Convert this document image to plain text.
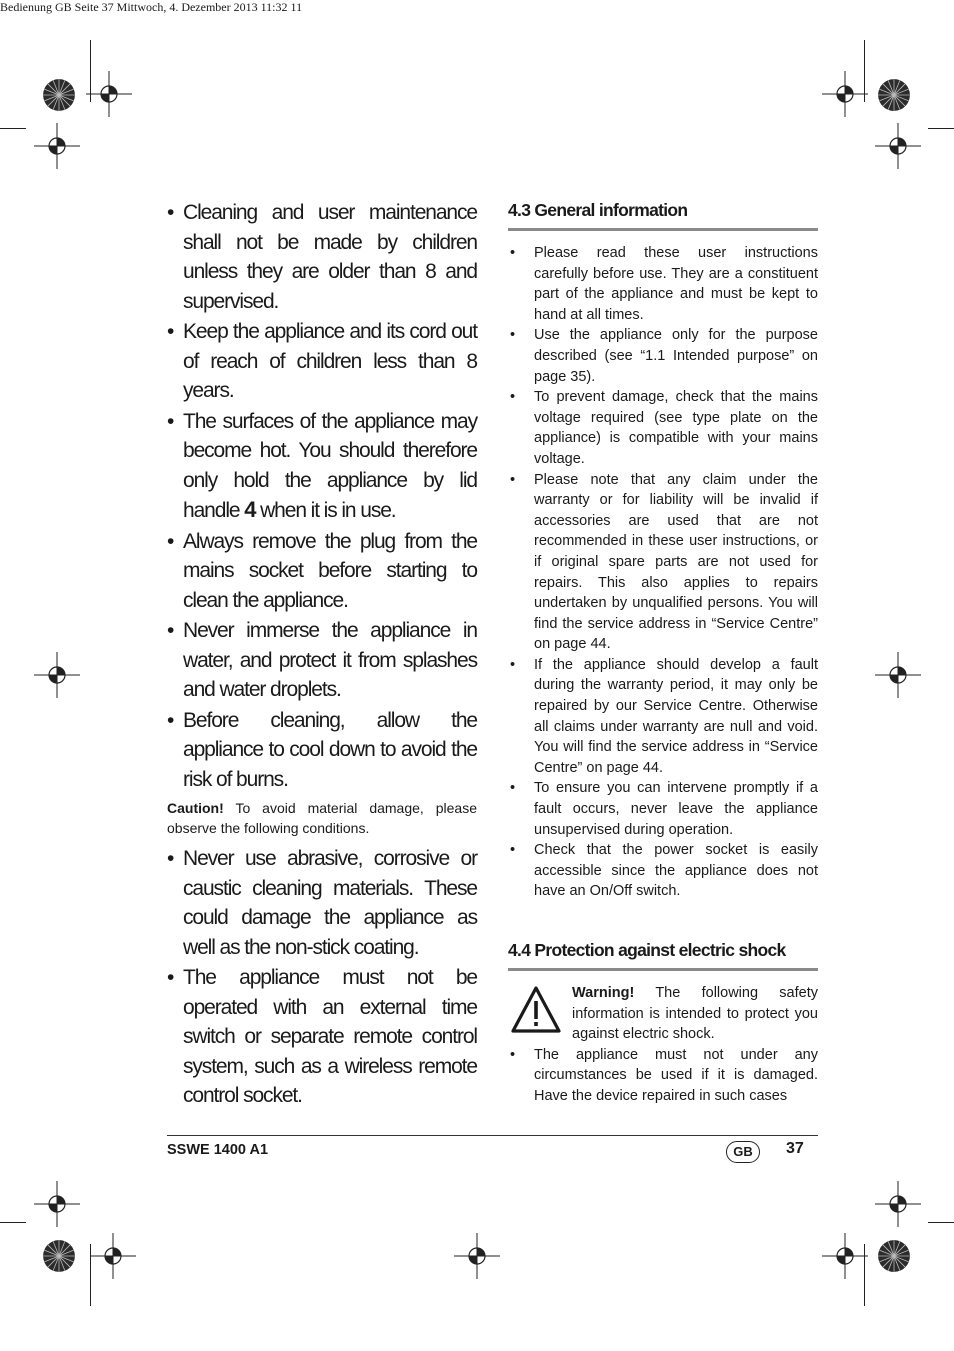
Bedienung GB Seite 37 Mittwoch, 4. Dezember 2013 11:32 11
• Cleaning and user maintenance shall not be made by children unless they are older than 8 and supervised.
• Keep the appliance and its cord out of reach of children less than 8 years.
• The surfaces of the appliance may become hot. You should therefore only hold the appliance by lid handle 4 when it is in use.
• Always remove the plug from the mains socket before starting to clean the appliance.
• Never immerse the appliance in water, and protect it from splashes and water droplets.
• Before cleaning, allow the appliance to cool down to avoid the risk of burns.
Caution! To avoid material damage, please observe the following conditions.
• Never use abrasive, corrosive or caustic cleaning materials. These could damage the appliance as well as the non-stick coating.
• The appliance must not be operated with an external time switch or separate remote control system, such as a wireless remote control socket.
4.3 General information
• Please read these user instructions carefully before use. They are a constituent part of the appliance and must be kept to hand at all times.
• Use the appliance only for the purpose described (see “1.1 Intended purpose” on page 35).
• To prevent damage, check that the mains voltage required (see type plate on the appliance) is compatible with your mains voltage.
• Please note that any claim under the warranty or for liability will be invalid if accessories are used that are not recommended in these user instructions, or if original spare parts are not used for repairs. This also applies to repairs undertaken by unqualified persons. You will find the service address in “Service Centre” on page 44.
• If the appliance should develop a fault during the warranty period, it may only be repaired by our Service Centre. Otherwise all claims under warranty are null and void. You will find the service address in “Service Centre” on page 44.
• To ensure you can intervene promptly if a fault occurs, never leave the appliance unsupervised during operation.
• Check that the power socket is easily accessible since the appliance does not have an On/Off switch.
4.4 Protection against electric shock
Warning! The following safety information is intended to protect you against electric shock.
• The appliance must not under any circumstances be used if it is damaged. Have the device repaired in such cases
SSWE 1400 A1	GB	37
